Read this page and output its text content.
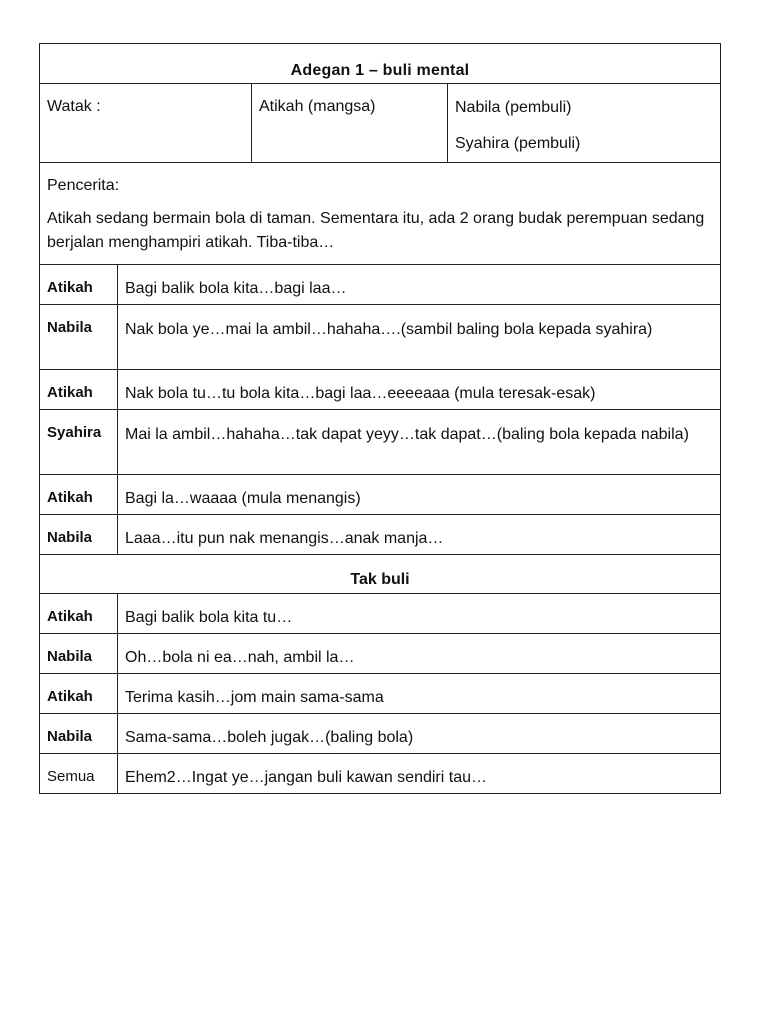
Adegan 1 – buli mental
Watak :	Atikah (mangsa)	Nabila (pembuli)
Syahira (pembuli)
Pencerita:
Atikah sedang bermain bola di taman. Sementara itu, ada 2 orang budak perempuan sedang berjalan menghampiri atikah. Tiba-tiba…
Atikah	Bagi balik bola kita…bagi laa…
Nabila	Nak bola ye…mai la ambil…hahaha….(sambil baling bola kepada syahira)
Atikah	Nak bola tu…tu bola kita…bagi laa…eeeeaaa (mula teresak-esak)
Syahira	Mai la ambil…hahaha…tak dapat yeyy…tak dapat…(baling bola kepada nabila)
Atikah	Bagi la…waaaa (mula menangis)
Nabila	Laaa…itu pun nak menangis…anak manja…
Tak buli
Atikah	Bagi balik bola kita tu…
Nabila	Oh…bola ni ea…nah, ambil la…
Atikah	Terima kasih…jom main sama-sama
Nabila	Sama-sama…boleh jugak…(baling bola)
Semua	Ehem2…Ingat ye…jangan buli kawan sendiri tau…
